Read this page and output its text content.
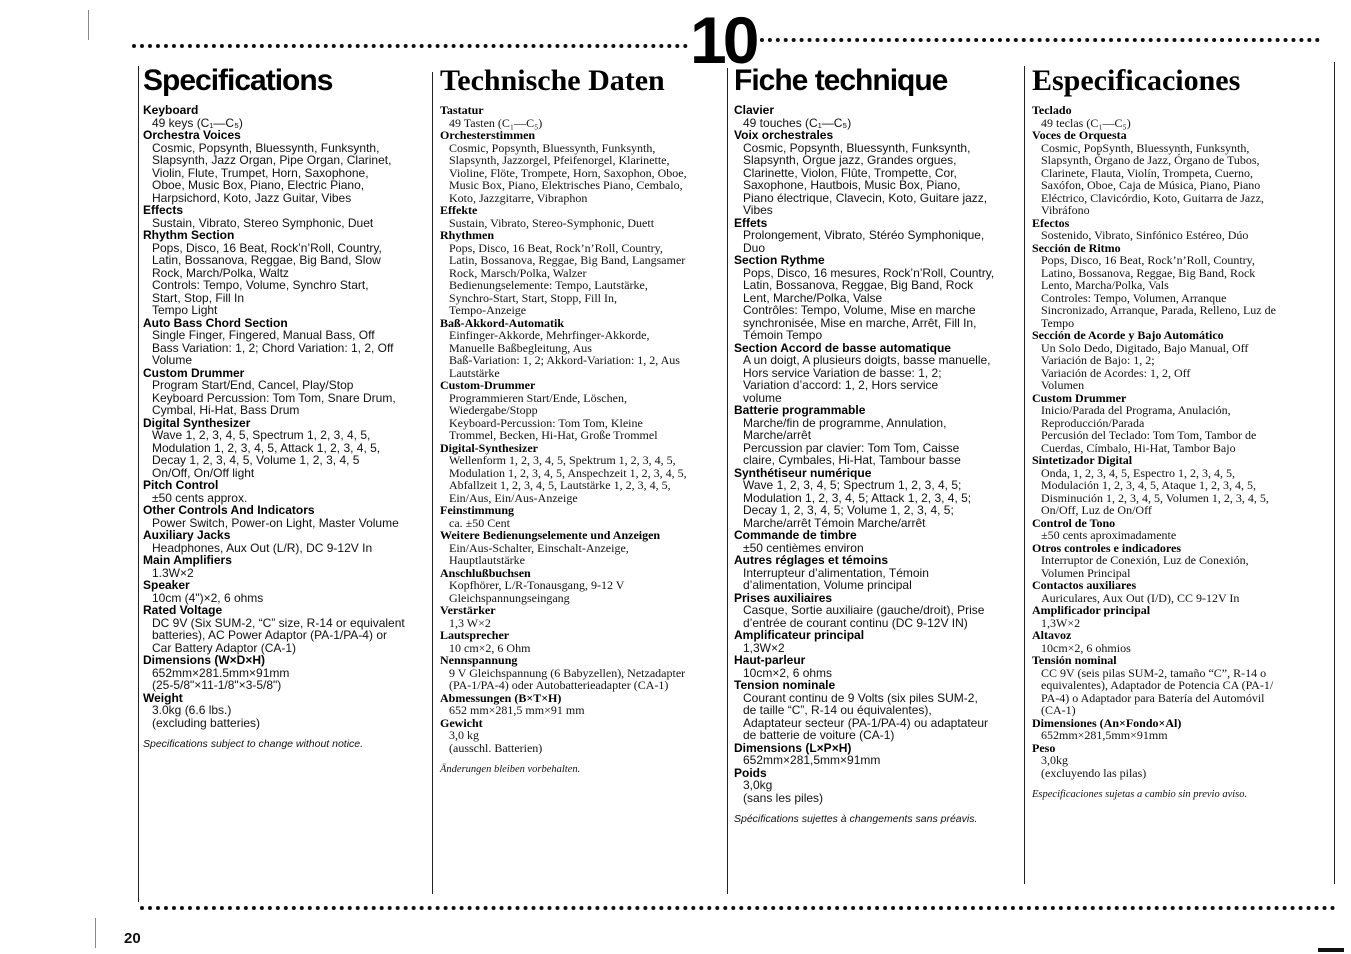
10
Specifications
Keyboard
49 keys (C₁—C₅)
Orchestra Voices
Cosmic, Popsynth, Bluessynth, Funksynth,
Slapsynth, Jazz Organ, Pipe Organ, Clarinet,
Violin, Flute, Trumpet, Horn, Saxophone,
Oboe, Music Box, Piano, Electric Piano,
Harpsichord, Koto, Jazz Guitar, Vibes
Effects
Sustain, Vibrato, Stereo Symphonic, Duet
Rhythm Section
Pops, Disco, 16 Beat, Rock’n’Roll, Country,
Latin, Bossanova, Reggae, Big Band, Slow
Rock, March/Polka, Waltz
Controls: Tempo, Volume, Synchro Start,
Start, Stop, Fill In
Tempo Light
Auto Bass Chord Section
Single Finger, Fingered, Manual Bass, Off
Bass Variation: 1, 2; Chord Variation: 1, 2, Off
Volume
Custom Drummer
Program Start/End, Cancel, Play/Stop
Keyboard Percussion: Tom Tom, Snare Drum,
Cymbal, Hi-Hat, Bass Drum
Digital Synthesizer
Wave 1, 2, 3, 4, 5, Spectrum 1, 2, 3, 4, 5,
Modulation 1, 2, 3, 4, 5, Attack 1, 2, 3, 4, 5,
Decay 1, 2, 3, 4, 5, Volume 1, 2, 3, 4, 5
On/Off, On/Off light
Pitch Control
±50 cents approx.
Other Controls And Indicators
Power Switch, Power-on Light, Master Volume
Auxiliary Jacks
Headphones, Aux Out (L/R), DC 9-12V In
Main Amplifiers
1.3W×2
Speaker
10cm (4")×2, 6 ohms
Rated Voltage
DC 9V (Six SUM-2, “C” size, R-14 or equivalent
batteries), AC Power Adaptor (PA-1/PA-4) or
Car Battery Adaptor (CA-1)
Dimensions (W×D×H)
652mm×281.5mm×91mm
(25-5/8"×11-1/8"×3-5/8")
Weight
3.0kg (6.6 lbs.)
(excluding batteries)
Specifications subject to change without notice.
Technische Daten
Tastatur
49 Tasten (C₁—C₅)
Orchesterstimmen
Cosmic, Popsynth, Bluessynth, Funksynth,
Slapsynth, Jazzorgel, Pfeifenorgel, Klarinette,
Violine, Flöte, Trompete, Horn, Saxophon, Oboe,
Music Box, Piano, Elektrisches Piano, Cembalo,
Koto, Jazzgitarre, Vibraphon
Effekte
Sustain, Vibrato, Stereo-Symphonic, Duett
Rhythmen
Pops, Disco, 16 Beat, Rock’n’Roll, Country,
Latin, Bossanova, Reggae, Big Band, Langsamer
Rock, Marsch/Polka, Walzer
Bedienungselemente: Tempo, Lautstärke,
Synchro-Start, Start, Stopp, Fill In,
Tempo-Anzeige
Baß-Akkord-Automatik
Einfinger-Akkorde, Mehrfinger-Akkorde,
Manuelle Baßbegleitung, Aus
Baß-Variation: 1, 2; Akkord-Variation: 1, 2, Aus
Lautstärke
Custom-Drummer
Programmieren Start/Ende, Löschen,
Wiedergabe/Stopp
Keyboard-Percussion: Tom Tom, Kleine
Trommel, Becken, Hi-Hat, Große Trommel
Digital-Synthesizer
Wellenform 1, 2, 3, 4, 5, Spektrum 1, 2, 3, 4, 5,
Modulation 1, 2, 3, 4, 5, Anspechzeit 1, 2, 3, 4, 5,
Abfallzeit 1, 2, 3, 4, 5, Lautstärke 1, 2, 3, 4, 5,
Ein/Aus, Ein/Aus-Anzeige
Feinstimmung
ca. ±50 Cent
Weitere Bedienungselemente und Anzeigen
Ein/Aus-Schalter, Einschalt-Anzeige,
Hauptlautstärke
Anschlußbuchsen
Kopfhörer, L/R-Tonausgang, 9-12 V
Gleichspannungseingang
Verstärker
1,3 W×2
Lautsprecher
10 cm×2, 6 Ohm
Nennspannung
9 V Gleichspannung (6 Babyzellen), Netzadapter
(PA-1/PA-4) oder Autobatterieadapter (CA-1)
Abmessungen (B×T×H)
652 mm×281,5 mm×91 mm
Gewicht
3,0 kg
(ausschl. Batterien)
Änderungen bleiben vorbehalten.
Fiche technique
Clavier
49 touches (C₁—C₅)
Voix orchestrales
Cosmic, Popsynth, Bluessynth, Funksynth,
Slapsynth, Orgue jazz, Grandes orgues,
Clarinette, Violon, Flûte, Trompette, Cor,
Saxophone, Hautbois, Music Box, Piano,
Piano électrique, Clavecin, Koto, Guitare jazz,
Vibes
Effets
Prolongement, Vibrato, Stéréo Symphonique,
Duo
Section Rythme
Pops, Disco, 16 mesures, Rock’n’Roll, Country,
Latin, Bossanova, Reggae, Big Band, Rock
Lent, Marche/Polka, Valse
Contrôles: Tempo, Volume, Mise en marche
synchronisée, Mise en marche, Arrêt, Fill In,
Témoin Tempo
Section Accord de basse automatique
A un doigt, A plusieurs doigts, basse manuelle,
Hors service Variation de basse: 1, 2;
Variation d’accord: 1, 2, Hors service
volume
Batterie programmable
Marche/fin de programme, Annulation,
Marche/arrêt
Percussion par clavier: Tom Tom, Caisse
claire, Cymbales, Hi-Hat, Tambour basse
Synthétiseur numérique
Wave 1, 2, 3, 4, 5; Spectrum 1, 2, 3, 4, 5;
Modulation 1, 2, 3, 4, 5; Attack 1, 2, 3, 4, 5;
Decay 1, 2, 3, 4, 5; Volume 1, 2, 3, 4, 5;
Marche/arrêt Témoin Marche/arrêt
Commande de timbre
±50 centièmes environ
Autres réglages et témoins
Interrupteur d’alimentation, Témoin
d’alimentation, Volume principal
Prises auxiliaires
Casque, Sortie auxiliaire (gauche/droit), Prise
d’entrée de courant continu (DC 9-12V IN)
Amplificateur principal
1,3W×2
Haut-parleur
10cm×2, 6 ohms
Tension nominale
Courant continu de 9 Volts (six piles SUM-2,
de taille “C”, R-14 ou équivalentes),
Adaptateur secteur (PA-1/PA-4) ou adaptateur
de batterie de voiture (CA-1)
Dimensions (L×P×H)
652mm×281,5mm×91mm
Poids
3,0kg
(sans les piles)
Spécifications sujettes à changements sans préavis.
Especificaciones
Teclado
49 teclas (C₁—C₅)
Voces de Orquesta
Cosmic, PopSynth, Bluessynth, Funksynth,
Slapsynth, Órgano de Jazz, Órgano de Tubos,
Clarinete, Flauta, Violín, Trompeta, Cuerno,
Saxófon, Oboe, Caja de Música, Piano, Piano
Eléctrico, Clavicórdio, Koto, Guitarra de Jazz,
Vibráfono
Efectos
Sostenido, Vibrato, Sinfónico Estéreo, Dúo
Sección de Ritmo
Pops, Disco, 16 Beat, Rock’n’Roll, Country,
Latino, Bossanova, Reggae, Big Band, Rock
Lento, Marcha/Polka, Vals
Controles: Tempo, Volumen, Arranque
Sincronizado, Arranque, Parada, Relleno, Luz de
Tempo
Sección de Acorde y Bajo Automático
Un Solo Dedo, Digitado, Bajo Manual, Off
Variación de Bajo: 1, 2;
Variación de Acordes: 1, 2, Off
Volumen
Custom Drummer
Inicio/Parada del Programa, Anulación,
Reproducción/Parada
Percusión del Teclado: Tom Tom, Tambor de
Cuerdas, Címbalo, Hi-Hat, Tambor Bajo
Sintetizador Digital
Onda, 1, 2, 3, 4, 5, Espectro 1, 2, 3, 4, 5,
Modulación 1, 2, 3, 4, 5, Ataque 1, 2, 3, 4, 5,
Disminución 1, 2, 3, 4, 5, Volumen 1, 2, 3, 4, 5,
On/Off, Luz de On/Off
Control de Tono
±50 cents aproximadamente
Otros controles e indicadores
Interruptor de Conexión, Luz de Conexión,
Volumen Principal
Contactos auxiliares
Auriculares, Aux Out (I/D), CC 9-12V In
Amplificador principal
1,3W×2
Altavoz
10cm×2, 6 ohmios
Tensión nominal
CC 9V (seis pilas SUM-2, tamaño “C”, R-14 o
equivalentes), Adaptador de Potencia CA (PA-1/
PA-4) o Adaptador para Batería del Automóvil
(CA-1)
Dimensiones (An×Fondo×Al)
652mm×281,5mm×91mm
Peso
3,0kg
(excluyendo las pilas)
Especificaciones sujetas a cambio sin previo aviso.
20
